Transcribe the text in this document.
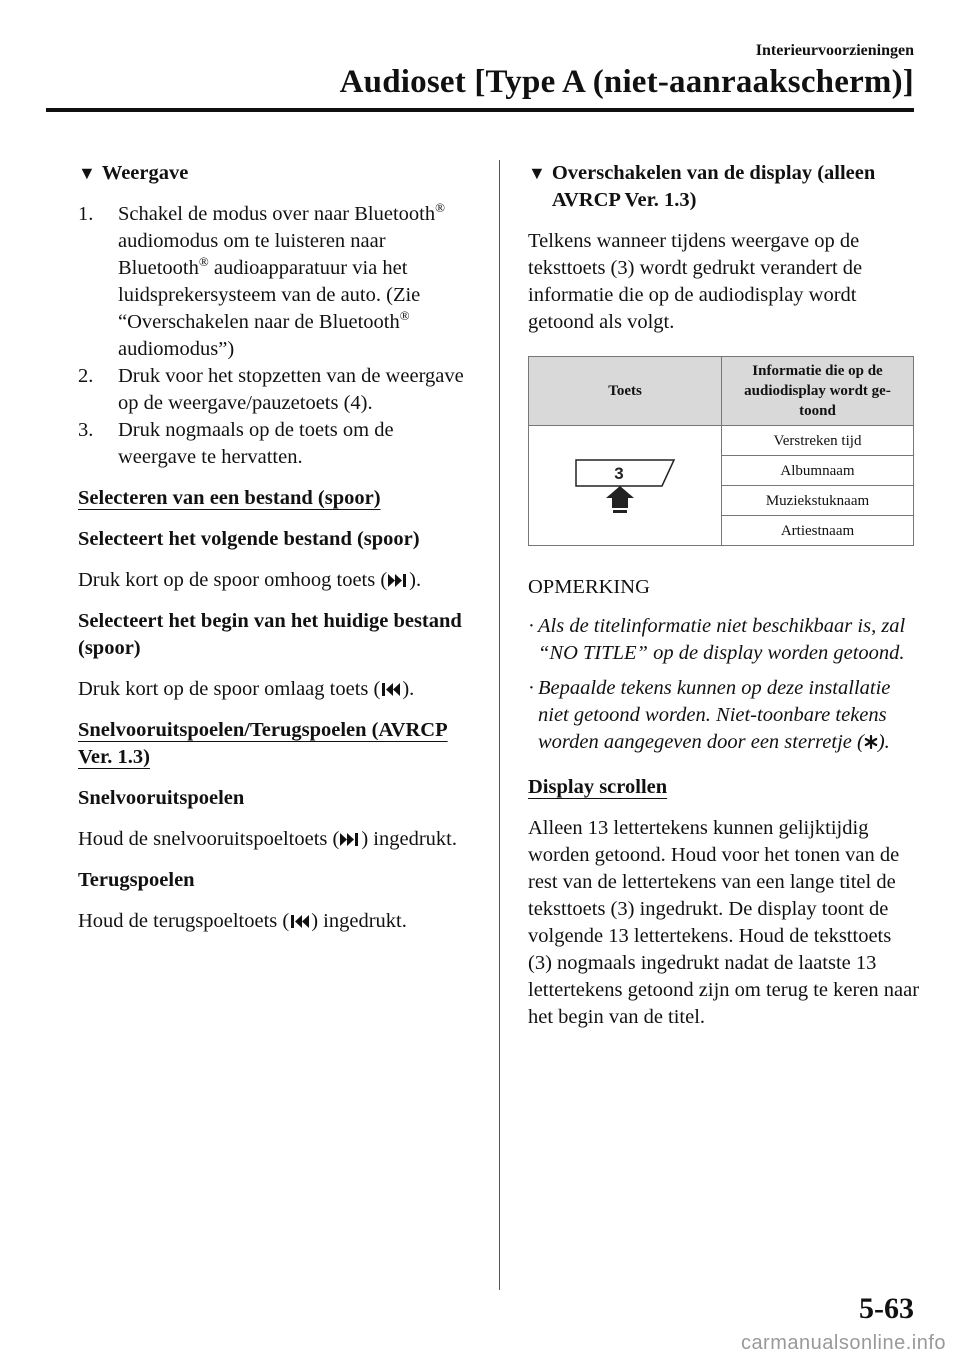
Interieurvoorzieningen
Audioset [Type A (niet-aanraakscherm)]
▼ Weergave
1.	Schakel de modus over naar Bluetooth® audiomodus om te luisteren naar Bluetooth® audioapparatuur via het luidsprekersysteem van de auto. (Zie “Overschakelen naar de Bluetooth® audiomodus”)
2.	Druk voor het stopzetten van de weergave op de weergave/pauzetoets (4).
3.	Druk nogmaals op de toets om de weergave te hervatten.
Selecteren van een bestand (spoor)
Selecteert het volgende bestand (spoor)

Druk kort op de spoor omhoog toets ( ).

Selecteert het begin van het huidige bestand (spoor)

Druk kort op de spoor omlaag toets ( ).

Snelvooruitspoelen/Terugspoelen (AVRCP Ver. 1.3)
Snelvooruitspoelen

Houd de snelvooruitspoeltoets ( ) ingedrukt.

Terugspoelen

Houd de terugspoeltoets ( ) ingedrukt.

▼ Overschakelen van de display (alleen AVRCP Ver. 1.3)

Telkens wanneer tijdens weergave op de teksttoets (3) wordt gedrukt verandert de informatie die op de audiodisplay wordt getoond als volgt.

Toets	Informatie die op de audiodisplay wordt ge-toond

3	Verstreken tijd
	Albumnaam
	Muziekstuknaam
	Artiestnaam
OPMERKING
· Als de titelinformatie niet beschikbaar is, zal “NO TITLE” op de display worden getoond.
· Bepaalde tekens kunnen op deze installatie niet getoond worden. Niet-toonbare tekens worden aangegeven door een sterretje ( ).
Display scrollen

Alleen 13 lettertekens kunnen gelijktijdig worden getoond. Houd voor het tonen van de rest van de lettertekens van een lange titel de teksttoets (3) ingedrukt. De display toont de volgende 13 lettertekens. Houd de teksttoets (3) nogmaals ingedrukt nadat de laatste 13 lettertekens getoond zijn om terug te keren naar het begin van de titel.

5-63
carmanualsonline.info
